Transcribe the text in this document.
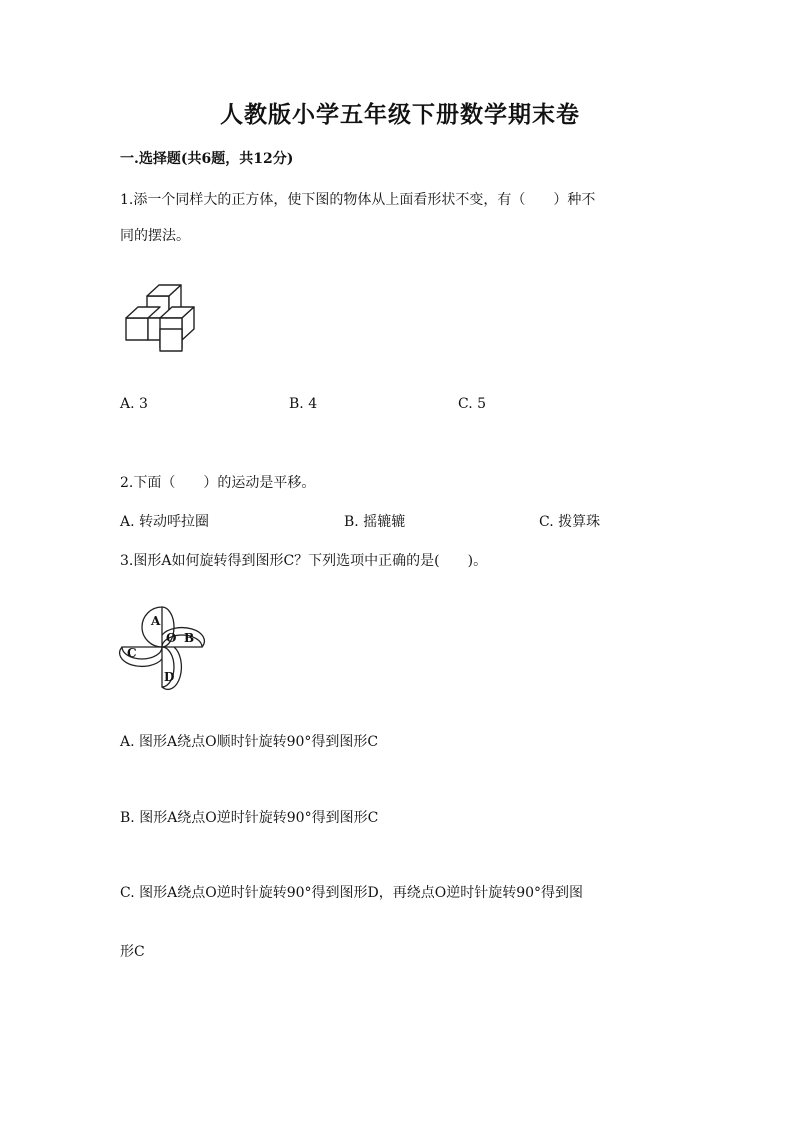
人教版小学五年级下册数学期末卷
一.选择题(共6题，共12分)
1.添一个同样大的正方体，使下图的物体从上面看形状不变，有（　　）种不
同的摆法。
A. 3	B. 4	C. 5
2.下面（　　）的运动是平移。
A. 转动呼拉圈	B. 摇辘辘	C. 拨算珠
3.图形A如何旋转得到图形C？下列选项中正确的是(　　)。
A
O B
C
D
A. 图形A绕点O顺时针旋转90°得到图形C
B. 图形A绕点O逆时针旋转90°得到图形C
C. 图形A绕点O逆时针旋转90°得到图形D，再绕点O逆时针旋转90°得到图
形C
